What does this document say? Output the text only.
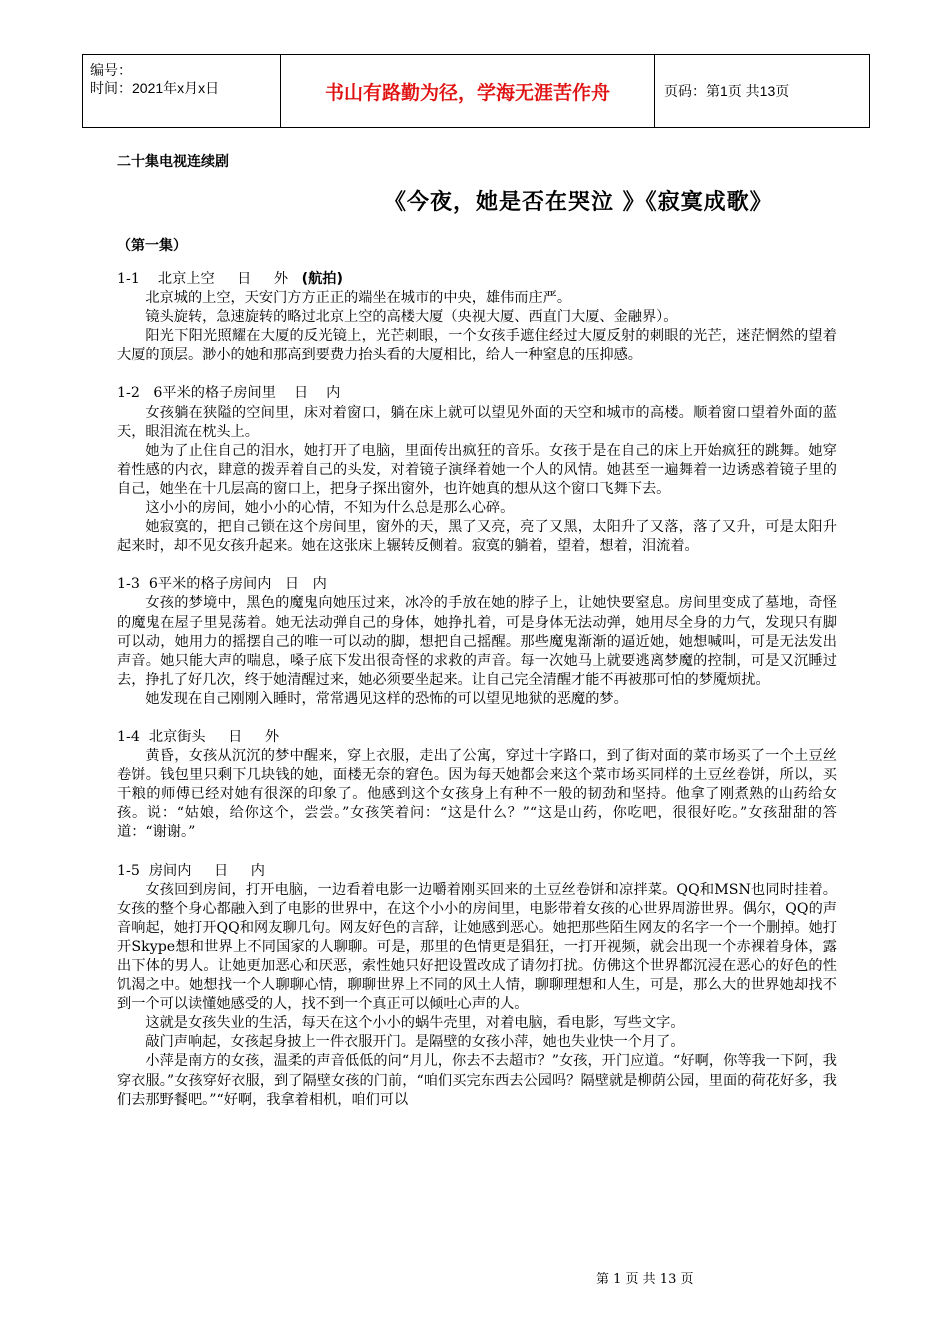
编号：
时间：2021年x月x日	书山有路勤为径，学海无涯苦作舟	页码：第1页 共13页
二十集电视连续剧
《今夜，她是否在哭泣 》《寂寞成歌》
（第一集）
1-1    北京上空     日     外   (航拍)

北京城的上空，天安门方方正正的端坐在城市的中央，雄伟而庄严。

镜头旋转，急速旋转的略过北京上空的高楼大厦（央视大厦、西直门大厦、金融界）。

阳光下阳光照耀在大厦的反光镜上，光芒刺眼，一个女孩手遮住经过大厦反射的刺眼的光芒，迷茫惘然的望着大厦的顶层。渺小的她和那高到要费力抬头看的大厦相比，给人一种窒息的压抑感。

1-2   6平米的格子房间里    日    内

女孩躺在狭隘的空间里，床对着窗口，躺在床上就可以望见外面的天空和城市的高楼。顺着窗口望着外面的蓝天，眼泪流在枕头上。

她为了止住自己的泪水，她打开了电脑，里面传出疯狂的音乐。女孩于是在自己的床上开始疯狂的跳舞。她穿着性感的内衣，肆意的拨弄着自己的头发，对着镜子演绎着她一个人的风情。她甚至一遍舞着一边诱惑着镜子里的自己，她坐在十几层高的窗口上，把身子探出窗外，也许她真的想从这个窗口飞舞下去。

这小小的房间，她小小的心情，不知为什么总是那么心碎。

她寂寞的，把自己锁在这个房间里，窗外的天，黑了又亮，亮了又黑，太阳升了又落，落了又升，可是太阳升起来时，却不见女孩升起来。她在这张床上辗转反侧着。寂寞的躺着，望着，想着，泪流着。

1-3  6平米的格子房间内   日   内

女孩的梦境中，黑色的魔鬼向她压过来，冰冷的手放在她的脖子上，让她快要窒息。房间里变成了墓地，奇怪的魔鬼在屋子里晃荡着。她无法动弹自己的身体，她挣扎着，可是身体无法动弹，她用尽全身的力气，发现只有脚可以动，她用力的摇摆自己的唯一可以动的脚，想把自己摇醒。那些魔鬼渐渐的逼近她，她想喊叫，可是无法发出声音。她只能大声的喘息，嗓子底下发出很奇怪的求救的声音。每一次她马上就要逃离梦魔的控制，可是又沉睡过去，挣扎了好几次，终于她清醒过来，她必须要坐起来。让自己完全清醒才能不再被那可怕的梦魇烦扰。

她发现在自己刚刚入睡时，常常遇见这样的恐怖的可以望见地狱的恶魔的梦。

1-4  北京街头     日     外

黄昏，女孩从沉沉的梦中醒来，穿上衣服，走出了公寓，穿过十字路口，到了街对面的菜市场买了一个土豆丝卷饼。钱包里只剩下几块钱的她，面楼无奈的窘色。因为每天她都会来这个菜市场买同样的土豆丝卷饼，所以，买干粮的师傅已经对她有很深的印象了。他感到这个女孩身上有种不一般的韧劲和坚持。他拿了刚煮熟的山药给女孩。说：“姑娘，给你这个，尝尝。”女孩笑着问：“这是什么？”“这是山药，你吃吧，很很好吃。”女孩甜甜的答道：“谢谢。”

1-5  房间内     日     内

女孩回到房间，打开电脑，一边看着电影一边嚼着刚买回来的土豆丝卷饼和凉拌菜。QQ和MSN也同时挂着。女孩的整个身心都融入到了电影的世界中，在这个小小的房间里，电影带着女孩的心世界周游世界。偶尔，QQ的声音响起，她打开QQ和网友聊几句。网友好色的言辞，让她感到恶心。她把那些陌生网友的名字一个一个删掉。她打开Skype想和世界上不同国家的人聊聊。可是，那里的色情更是猖狂，一打开视频，就会出现一个赤裸着身体，露出下体的男人。让她更加恶心和厌恶，索性她只好把设置改成了请勿打扰。仿佛这个世界都沉浸在恶心的好色的性饥渴之中。她想找一个人聊聊心情，聊聊世界上不同的风土人情，聊聊理想和人生，可是，那么大的世界她却找不到一个可以读懂她感受的人，找不到一个真正可以倾吐心声的人。

这就是女孩失业的生活，每天在这个小小的蜗牛壳里，对着电脑，看电影，写些文字。

敲门声响起，女孩起身披上一件衣服开门。是隔壁的女孩小萍，她也失业快一个月了。

小萍是南方的女孩，温柔的声音低低的问“月儿，你去不去超市？”女孩，开门应道。“好啊，你等我一下阿，我穿衣服。”女孩穿好衣服，到了隔壁女孩的门前，“咱们买完东西去公园吗？隔壁就是柳荫公园，里面的荷花好多，我们去那野餐吧。”“好啊，我拿着相机，咱们可以

第 1 页 共 13 页
